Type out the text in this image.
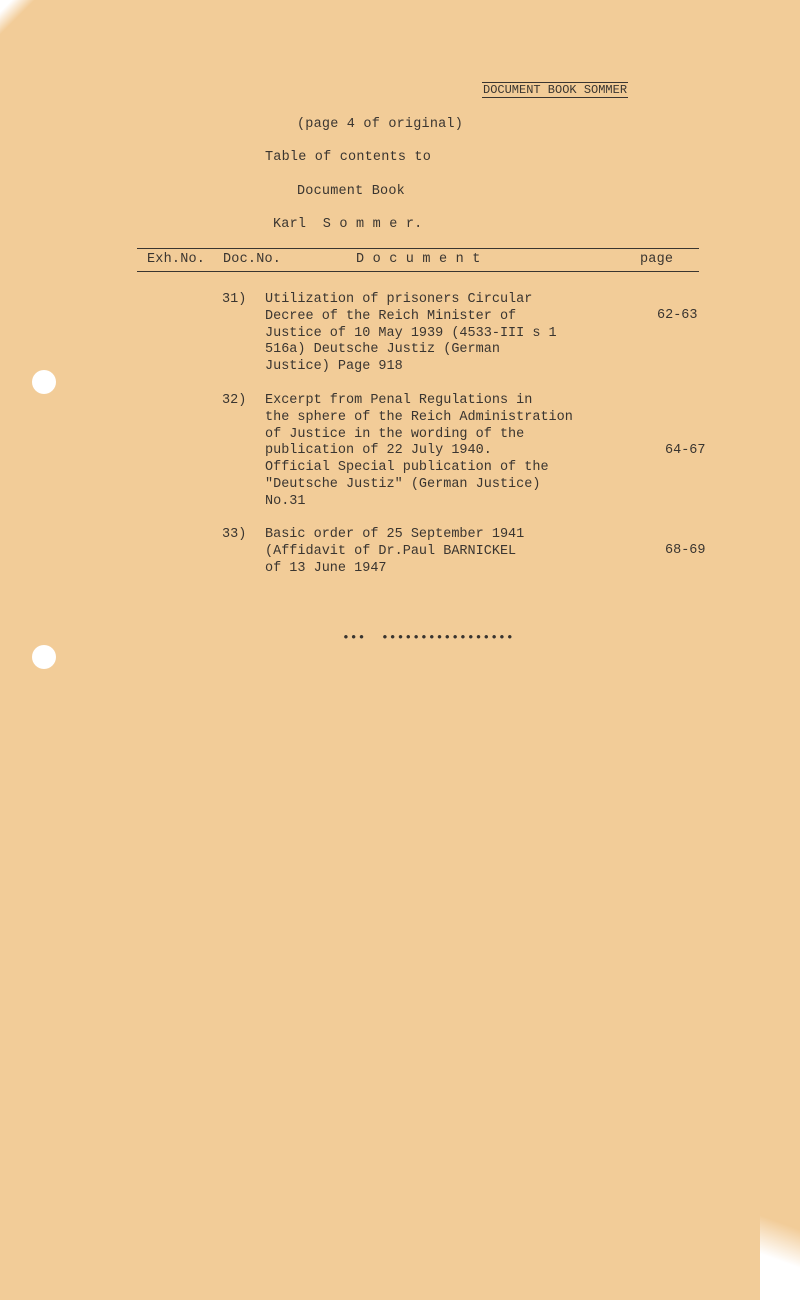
DOCUMENT BOOK SOMMER
(page 4 of original)
Table of contents to
Document Book
Karl  S o m m e r.
Exh.No. Doc.No.	D o c u m e n t	page
31) Utilization of prisoners Circular
Decree of the Reich Minister of
Justice of 10 May 1939 (4533-III s 1
516a) Deutsche Justiz (German
Justice) Page 918
62-63
32) Excerpt from Penal Regulations in
the sphere of the Reich Administration
of Justice in the wording of the
publication of 22 July 1940.
Official Special publication of the
"Deutsche Justiz" (German Justice)
No.31
64-67
33) Basic order of 25 September 1941
(Affidavit of Dr.Paul BARNICKEL
of 13 June 1947
68-69
•••  •••••••••••••••••
